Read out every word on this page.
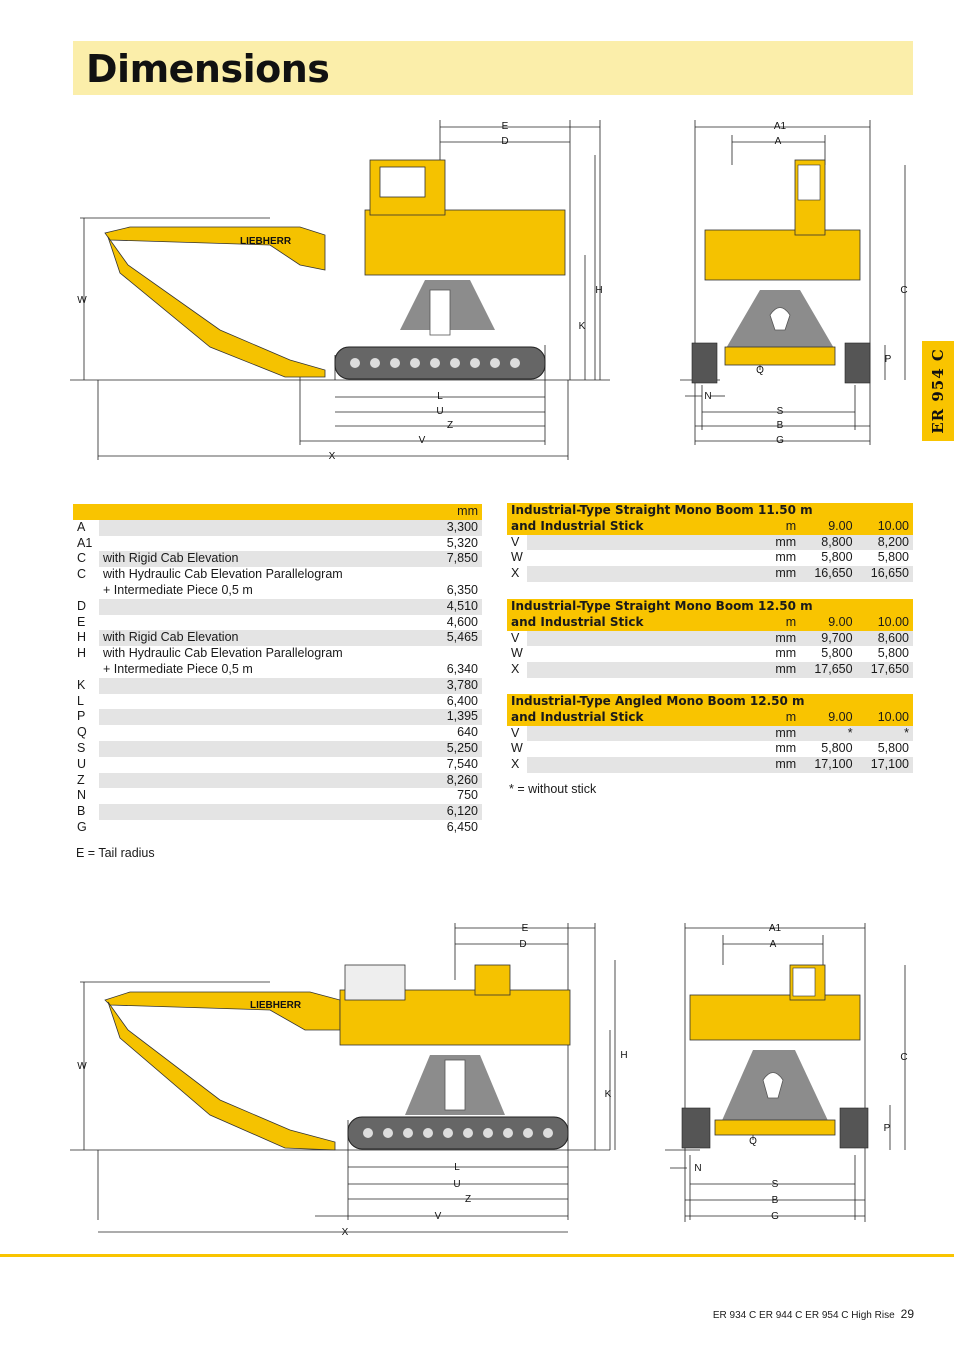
Dimensions
ER 954 C
LIEBHERR
E
D
H
K
W
L
U
Z
V
X
A1
A
C
P
Q
N
S
B
G
		mm
A		3,300
A1		5,320
C	with Rigid Cab Elevation	7,850
C	with Hydraulic Cab Elevation Parallelogram	
	+ Intermediate Piece 0,5 m	6,350
D		4,510
E		4,600
H	with Rigid Cab Elevation	5,465
H	with Hydraulic Cab Elevation Parallelogram	
	+ Intermediate Piece 0,5 m	6,340
K		3,780
L		6,400
P		1,395
Q		640
S		5,250
U		7,540
Z		8,260
N		750
B		6,120
G		6,450
E = Tail radius
Industrial-Type Straight Mono Boom 11.50 m				
and Industrial Stick		m	9.00	10.00
V		mm	8,800	8,200
W		mm	5,800	5,800
X		mm	16,650	16,650
Industrial-Type Straight Mono Boom 12.50 m				
and Industrial Stick		m	9.00	10.00
V		mm	9,700	8,600
W		mm	5,800	5,800
X		mm	17,650	17,650
Industrial-Type Angled Mono Boom 12.50 m				
and Industrial Stick		m	9.00	10.00
V		mm	*	*
W		mm	5,800	5,800
X		mm	17,100	17,100
* = without stick
LIEBHERR
E
D
H
K
W
L
U
Z
V
X
A1
A
C
P
Q
N
S
B
G
ER 934 C ER 944 C ER 954 C High Rise 29
